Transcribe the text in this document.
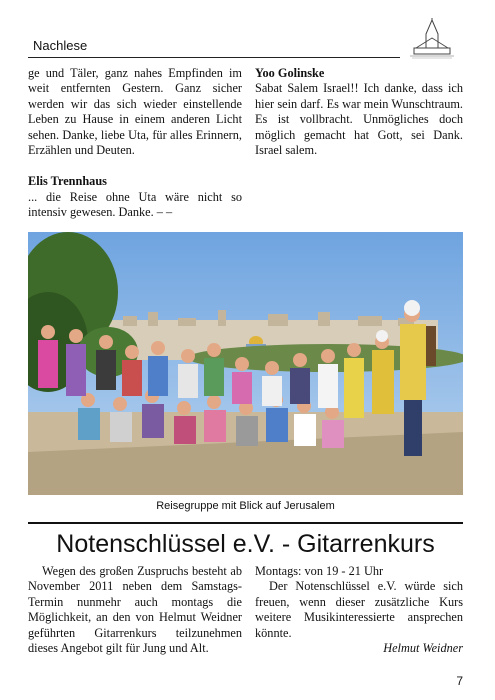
Nachlese

ge und Täler, ganz nahes Empfinden im weit entfernten Gestern. Ganz sicher werden wir das sich wieder einstellende Leben zu Hause in einem anderen Licht sehen. Danke, liebe Uta, für alles Erinnern, Erzählen und Deuten.

Elis Trennhaus

... die Reise ohne Uta wäre nicht so intensiv gewesen. Danke. – –

Yoo Golinske

Sabat Salem Israel!! Ich danke, dass ich hier sein darf. Es war mein Wunschtraum. Es ist vollbracht. Unmögliches doch möglich gemacht hat Gott, sei Dank. Israel salem.

Reisegruppe mit Blick auf Jerusalem
Notenschlüssel e.V. - Gitarrenkurs

Wegen des großen Zuspruchs besteht ab November 2011 neben dem Samstags-Termin nunmehr auch montags die Möglichkeit, an den von Helmut Weidner geführten Gitarrenkurs teilzunehmen dieses Angebot gilt für Jung und Alt.

Montags: von 19 - 21 Uhr

Der Notenschlüssel e.V. würde sich freuen, wenn dieser zusätzliche Kurs weitere Musikinteressierte ansprechen könnte.

Helmut Weidner

7
